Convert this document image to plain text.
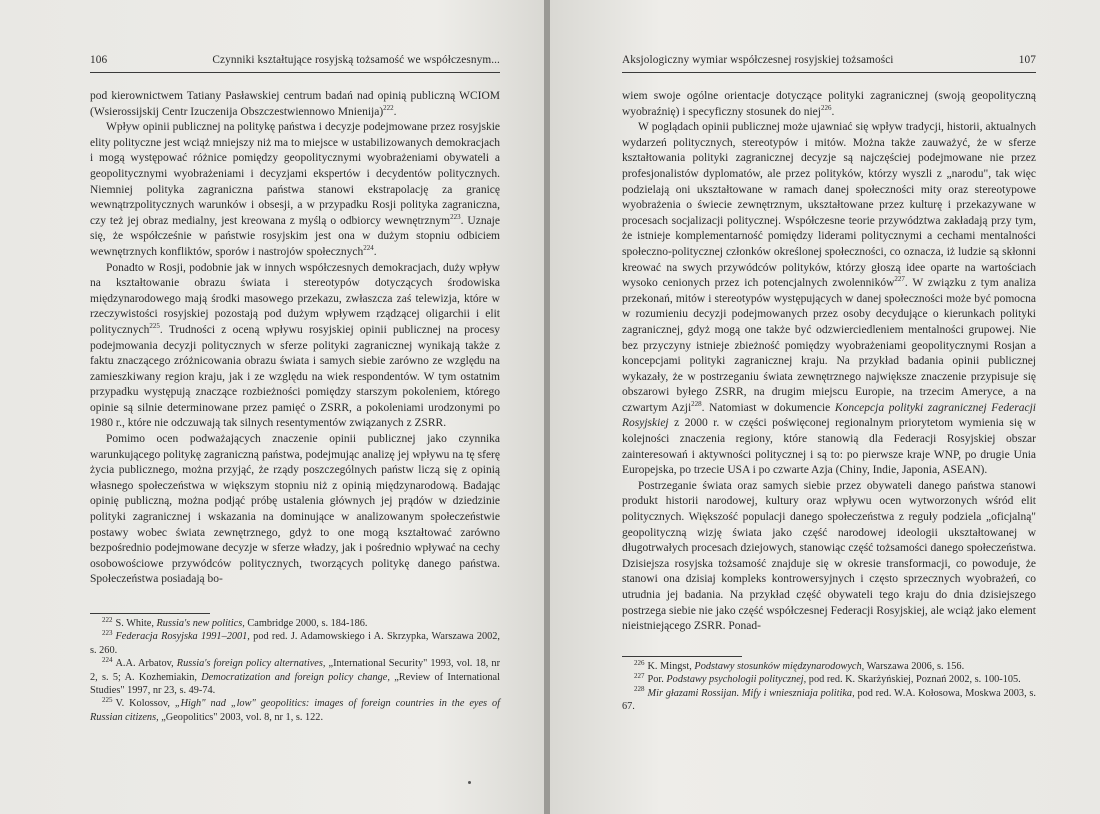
106	Czynniki kształtujące rosyjską tożsamość we współczesnym...

pod kierownictwem Tatiany Pasławskiej centrum badań nad opinią publiczną WCIOM (Wsierossijskij Centr Izuczenija Obszczestwiennowo Mnienija)$^{222}$.

Wpływ opinii publicznej na politykę państwa i decyzje podejmowane przez rosyjskie elity polityczne jest wciąż mniejszy niż ma to miejsce w ustabilizowanych demokracjach i mogą występować różnice pomiędzy geopolitycznymi wyobrażeniami obywateli a geopolitycznymi wyobrażeniami i decyzjami ekspertów i decydentów politycznych. Niemniej polityka zagraniczna państwa stanowi ekstrapolację za granicę wewnątrzpolitycznych warunków i obsesji, a w przypadku Rosji polityka zagraniczna, czy też jej obraz medialny, jest kreowana z myślą o odbiorcy wewnętrznym$^{223}$. Uznaje się, że współcześnie w państwie rosyjskim jest ona w dużym stopniu odbiciem wewnętrznych konfliktów, sporów i nastrojów społecznych$^{224}$.

Ponadto w Rosji, podobnie jak w innych współczesnych demokracjach, duży wpływ na kształtowanie obrazu świata i stereotypów dotyczących środowiska międzynarodowego mają środki masowego przekazu, zwłaszcza zaś telewizja, które w rzeczywistości rosyjskiej pozostają pod dużym wpływem rządzącej oligarchii i elit politycznych$^{225}$. Trudności z oceną wpływu rosyjskiej opinii publicznej na procesy podejmowania decyzji politycznych w sferze polityki zagranicznej wynikają także z faktu znaczącego zróżnicowania obrazu świata i samych siebie zarówno ze względu na zamieszkiwany region kraju, jak i ze względu na wiek respondentów. W tym ostatnim przypadku występują znaczące rozbieżności pomiędzy starszym pokoleniem, którego opinie są silnie determinowane przez pamięć o ZSRR, a pokoleniami urodzonymi po 1980 r., które nie odczuwają tak silnych resentymentów związanych z ZSRR.

Pomimo ocen podważających znaczenie opinii publicznej jako czynnika warunkującego politykę zagraniczną państwa, podejmując analizę jej wpływu na tę sferę życia publicznego, można przyjąć, że rządy poszczególnych państw liczą się z opinią własnego społeczeństwa w większym stopniu niż z opinią międzynarodową. Badając opinię publiczną, można podjąć próbę ustalenia głównych jej prądów w dziedzinie polityki zagranicznej i wskazania na dominujące w analizowanym społeczeństwie postawy wobec świata zewnętrznego, gdyż to one mogą kształtować zarówno bezpośrednio podejmowane decyzje w sferze władzy, jak i pośrednio wpływać na cechy osobowościowe przywódców politycznych, tworzących politykę danego państwa. Społeczeństwa posiadają bo-

$^{222}$ S. White, Russia's new politics, Cambridge 2000, s. 184-186.

$^{223}$ Federacja Rosyjska 1991–2001, pod red. J. Adamowskiego i A. Skrzypka, Warszawa 2002, s. 260.

$^{224}$ A.A. Arbatov, Russia's foreign policy alternatives, „International Security" 1993, vol. 18, nr 2, s. 5; A. Kozhemiakin, Democratization and foreign policy change, „Review of International Studies" 1997, nr 23, s. 49-74.

$^{225}$ V. Kolossov, „High" nad „low" geopolitics: images of foreign countries in the eyes of Russian citizens, „Geopolitics" 2003, vol. 8, nr 1, s. 122.

Aksjologiczny wymiar współczesnej rosyjskiej tożsamości	107

wiem swoje ogólne orientacje dotyczące polityki zagranicznej (swoją geopolityczną wyobraźnię) i specyficzny stosunek do niej$^{226}$.

W poglądach opinii publicznej może ujawniać się wpływ tradycji, historii, aktualnych wydarzeń politycznych, stereotypów i mitów. Można także zauważyć, że w sferze kształtowania polityki zagranicznej decyzje są najczęściej podejmowane nie przez profesjonalistów dyplomatów, ale przez polityków, którzy wyszli z „narodu", tak więc podzielają oni ukształtowane w ramach danej społeczności mity oraz stereotypowe wyobrażenia o świecie zewnętrznym, ukształtowane przez kulturę i przekazywane w procesach socjalizacji politycznej. Współczesne teorie przywództwa zakładają przy tym, że istnieje komplementarność pomiędzy liderami politycznymi a cechami mentalności społeczno-politycznej członków określonej społeczności, co oznacza, iż ludzie są skłonni kreować na swych przywódców polityków, którzy głoszą idee oparte na wartościach wysoko cenionych przez ich potencjalnych zwolenników$^{227}$. W związku z tym analiza przekonań, mitów i stereotypów występujących w danej społeczności może być pomocna w rozumieniu decyzji podejmowanych przez osoby decydujące o kierunkach polityki zagranicznej, gdyż mogą one także być odzwierciedleniem mentalności grupowej. Nie bez przyczyny istnieje zbieżność pomiędzy wyobrażeniami geopolitycznymi Rosjan a koncepcjami polityki zagranicznej kraju. Na przykład badania opinii publicznej wykazały, że w postrzeganiu świata zewnętrznego największe znaczenie przypisuje się obszarowi byłego ZSRR, na drugim miejscu Europie, na trzecim Ameryce, a na czwartym Azji$^{228}$. Natomiast w dokumencie Koncepcja polityki zagranicznej Federacji Rosyjskiej z 2000 r. w części poświęconej regionalnym priorytetom wymienia się w kolejności znaczenia regiony, które stanowią dla Federacji Rosyjskiej obszar zainteresowań i aktywności politycznej i są to: po pierwsze kraje WNP, po drugie Unia Europejska, po trzecie USA i po czwarte Azja (Chiny, Indie, Japonia, ASEAN).

Postrzeganie świata oraz samych siebie przez obywateli danego państwa stanowi produkt historii narodowej, kultury oraz wpływu ocen wytworzonych wśród elit politycznych. Większość populacji danego społeczeństwa z reguły podziela „oficjalną" geopolityczną wizję świata jako część narodowej ideologii ukształtowanej w długotrwałych procesach dziejowych, stanowiąc część tożsamości danego społeczeństwa. Dzisiejsza rosyjska tożsamość znajduje się w okresie transformacji, co powoduje, że stanowi ona dzisiaj kompleks kontrowersyjnych i często sprzecznych wyobrażeń, co utrudnia jej badania. Na przykład część obywateli tego kraju do dnia dzisiejszego postrzega siebie nie jako część współczesnej Federacji Rosyjskiej, ale wciąż jako element nieistniejącego ZSRR. Ponad-

$^{226}$ K. Mingst, Podstawy stosunków międzynarodowych, Warszawa 2006, s. 156.

$^{227}$ Por. Podstawy psychologii politycznej, pod red. K. Skarżyńskiej, Poznań 2002, s. 100-105.

$^{228}$ Mir głazami Rossijan. Mify i wnieszniaja politika, pod red. W.A. Kołosowa, Moskwa 2003, s. 67.
